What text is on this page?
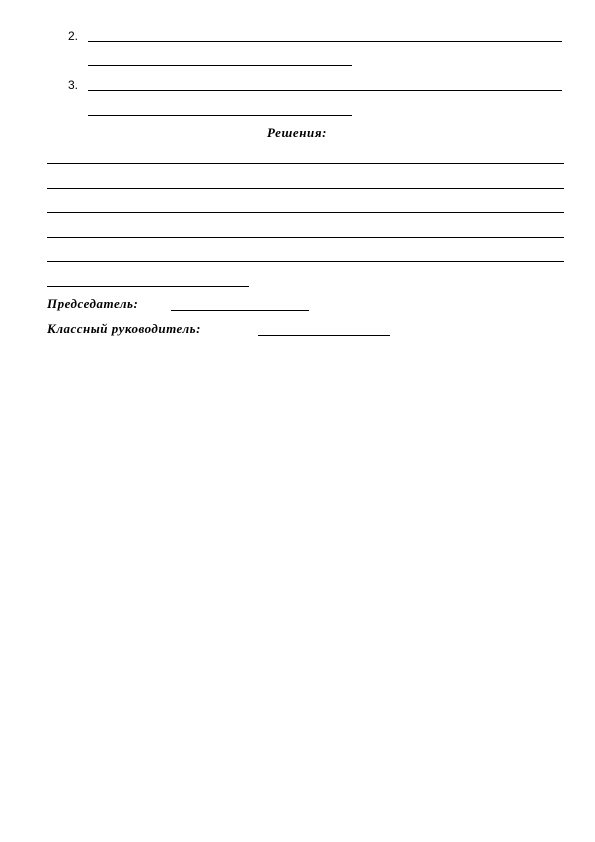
2.
3.
Решения:
Председатель:
Классный руководитель:
